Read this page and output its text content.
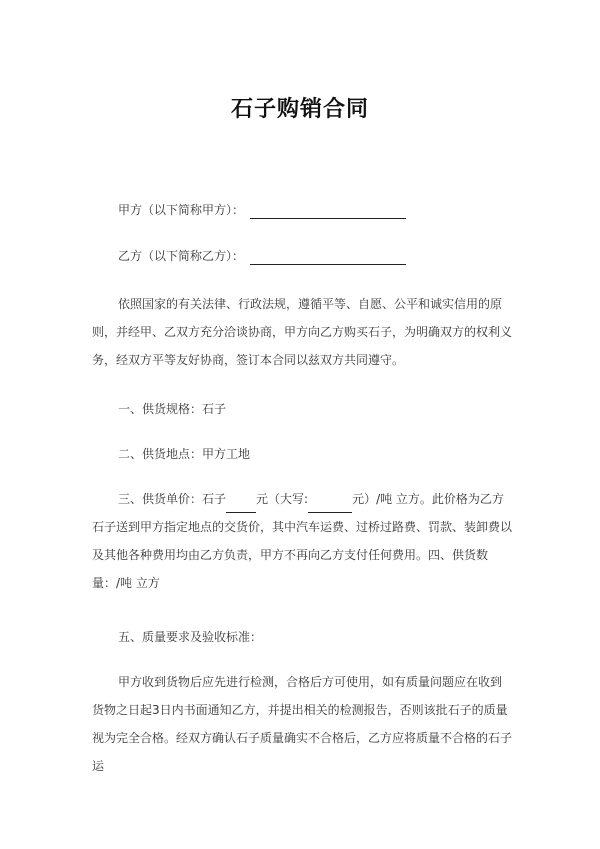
石子购销合同
甲方（以下简称甲方）：
乙方（以下简称乙方）：
依照国家的有关法律、行政法规，遵循平等、自愿、公平和诚实信用的原则，并经甲、乙双方充分洽谈协商，甲方向乙方购买石子，为明确双方的权利义务，经双方平等友好协商，签订本合同以兹双方共同遵守。
一、供货规格：石子
二、供货地点：甲方工地
三、供货单价：石子	元（大写:	元）/吨 立方。此价格为乙方石子送到甲方指定地点的交货价，其中汽车运费、过桥过路费、罚款、装卸费以及其他各种费用均由乙方负责，甲方不再向乙方支付任何费用。四、供货数量：/吨 立方
五、质量要求及验收标准：
甲方收到货物后应先进行检测，合格后方可使用，如有质量问题应在收到货物之日起3日内书面通知乙方，并提出相关的检测报告，否则该批石子的质量视为完全合格。经双方确认石子质量确实不合格后，乙方应将质量不合格的石子运
